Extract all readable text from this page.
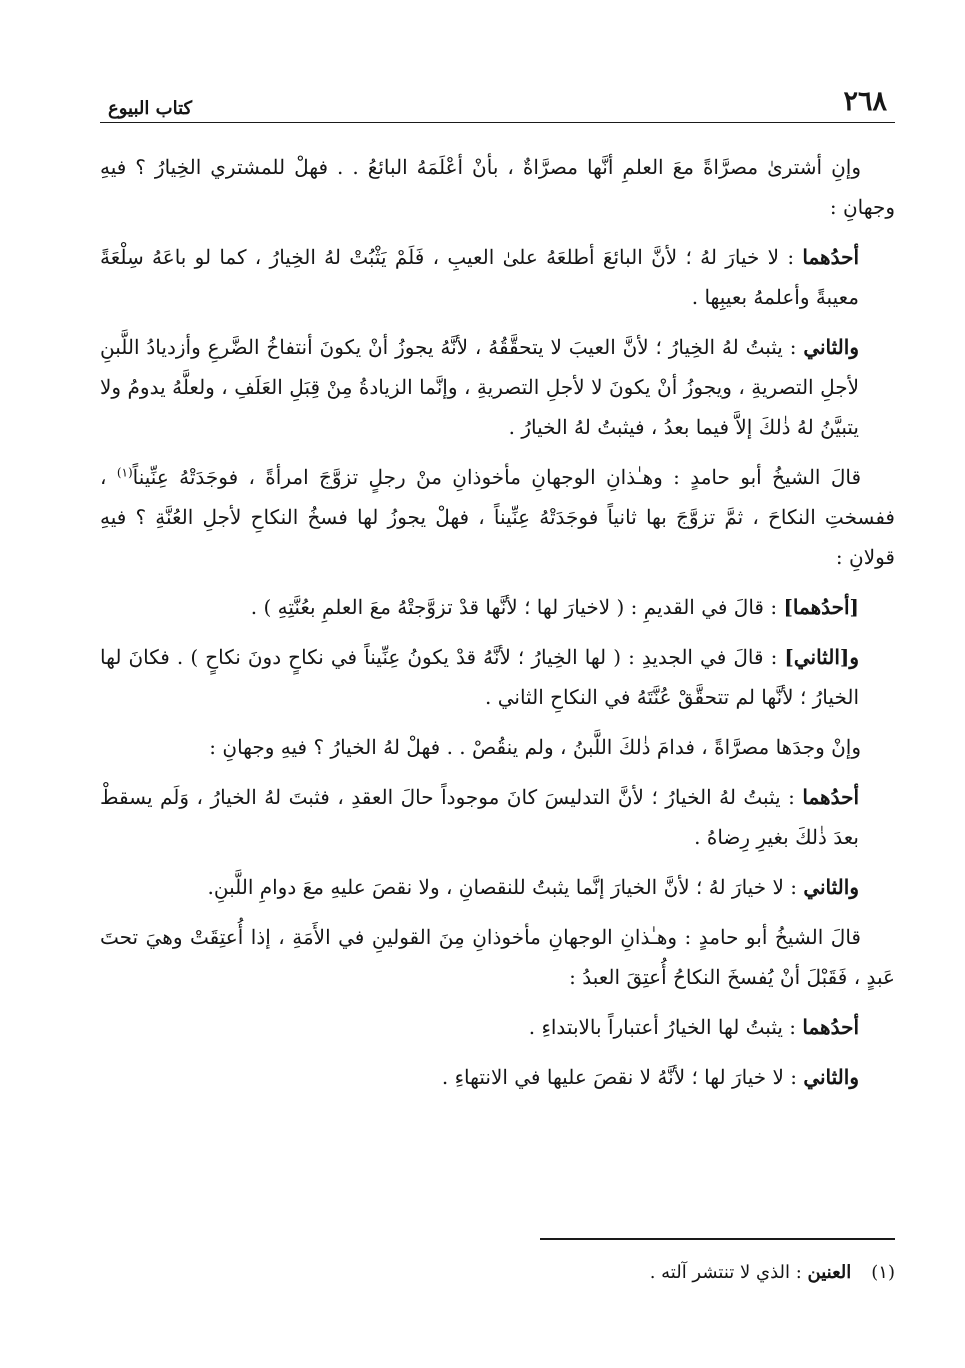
٢٦٨
كتاب البيوع

وإنِ أشترىٰ مصرَّاةً معَ العلمِ أنَّها مصرَّاةٌ ، بأنْ أعْلَمَهُ البائعُ . . فهلْ للمشتري الخِيارُ ؟ فيهِ وجهانِ :

أحدُهما : لا خيارَ لهُ ؛ لأنَّ البائعَ أطلعَهُ علىٰ العيبِ ، فَلَمْ يَثْبُتْ لهُ الخِيارُ ، كما لو باعَهُ سِلْعَةً معيبةً وأعلمهُ بعيبِها .

والثاني : يثبتُ لهُ الخِيارُ ؛ لأنَّ العيبَ لا يتحقَّقُهُ ، لأنَّهُ يجوزُ أنْ يكونَ أنتفاخُ الضَّرعِ وأزديادُ اللَّبنِ لأجلِ التصريةِ ، ويجوزُ أنْ يكونَ لا لأجلِ التصريةِ ، وإنَّما الزيادةُ مِنْ قِبَلِ العَلَفِ ، ولعلَّهُ يدومُ ولا يتبيَّنُ لهُ ذٰلكَ إلاَّ فيما بعدُ ، فيثبتُ لهُ الخيارُ .

قالَ الشيخُ أبو حامدٍ : وهـٰذانِ الوجهانِ مأخوذانِ منْ رجلٍ تزوَّجَ امرأةً ، فوجَدَتْهُ عِنِّيناً$^{(١)}$ ، ففسختِ النكاحَ ، ثمَّ تزوَّجَ بها ثانياً فوجَدَتْهُ عِنِّيناً ، فهلْ يجوزُ لها فسخُ النكاحِ لأجلِ العُنَّةِ ؟ فيهِ قولانِ :

[أحدُهما] : قالَ في القديمِ : ( لاخيارَ لها ؛ لأنَّها قدْ تزوَّجتْهُ معَ العلمِ بعُنَّتِهِ ) .

و[الثاني] : قالَ في الجديدِ : ( لها الخِيارُ ؛ لأنَّهُ قدْ يكونُ عِنِّيناً في نكاحٍ دونَ نكاحٍ ) . فكانَ لها الخيارُ ؛ لأنَّها لم تتحقَّقْ عُنَّتَهُ في النكاحِ الثاني .

وإنْ وجدَها مصرَّاةً ، فدامَ ذٰلكَ اللَّبنُ ، ولم ينقُصْ . . فهلْ لهُ الخيارُ ؟ فيهِ وجهانِ :

أحدُهما : يثبتُ لهُ الخيارُ ؛ لأنَّ التدليسَ كانَ موجوداً حالَ العقدِ ، فثبتَ لهُ الخيارُ ، وَلَم يسقطْ بعدَ ذٰلكَ بغيرِ رِضاهُ .

والثاني : لا خيارَ لهُ ؛ لأنَّ الخيارَ إنَّما يثبتُ للنقصانِ ، ولا نقصَ عليهِ معَ دوامِ اللَّبنِ.

قالَ الشيخُ أبو حامدٍ : وهـٰذانِ الوجهانِ مأخوذانِ مِنَ القولينِ في الأَمَةِ ، إذا أُعتِقَتْ وهيَ تحتَ عَبدٍ ، فَقَبْلَ أنْ يُفسخَ النكاحُ أُعتِقَ العبدُ :

أحدُهما : يثبتُ لها الخيارُ أعتباراً بالابتداءِ .

والثاني : لا خيارَ لها ؛ لأنَّهُ لا نقصَ عليها في الانتهاءِ .

(١)العنين : الذي لا تنتشر آلته .
